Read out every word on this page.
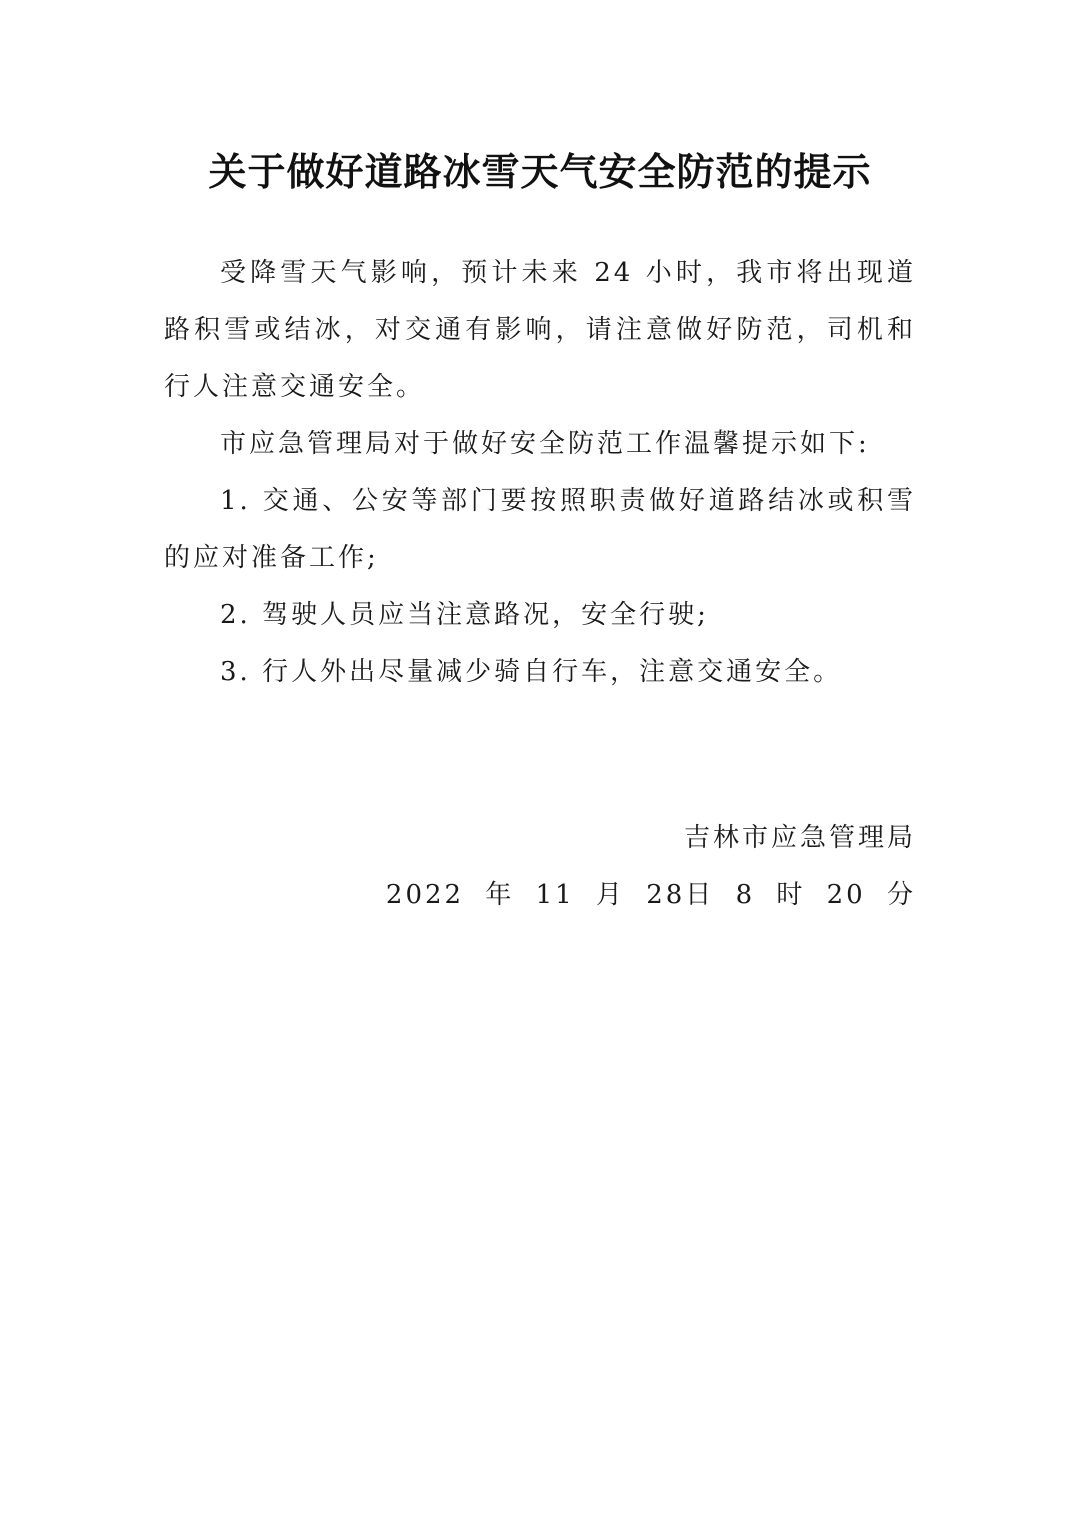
关于做好道路冰雪天气安全防范的提示

受降雪天气影响，预计未来 24 小时，我市将出现道路积雪或结冰，对交通有影响，请注意做好防范，司机和行人注意交通安全。

市应急管理局对于做好安全防范工作温馨提示如下:

1. 交通、公安等部门要按照职责做好道路结冰或积雪的应对准备工作;

2. 驾驶人员应当注意路况，安全行驶;

3. 行人外出尽量减少骑自行车，注意交通安全。

吉林市应急管理局
2022 年 11 月 28日 8 时 20 分
